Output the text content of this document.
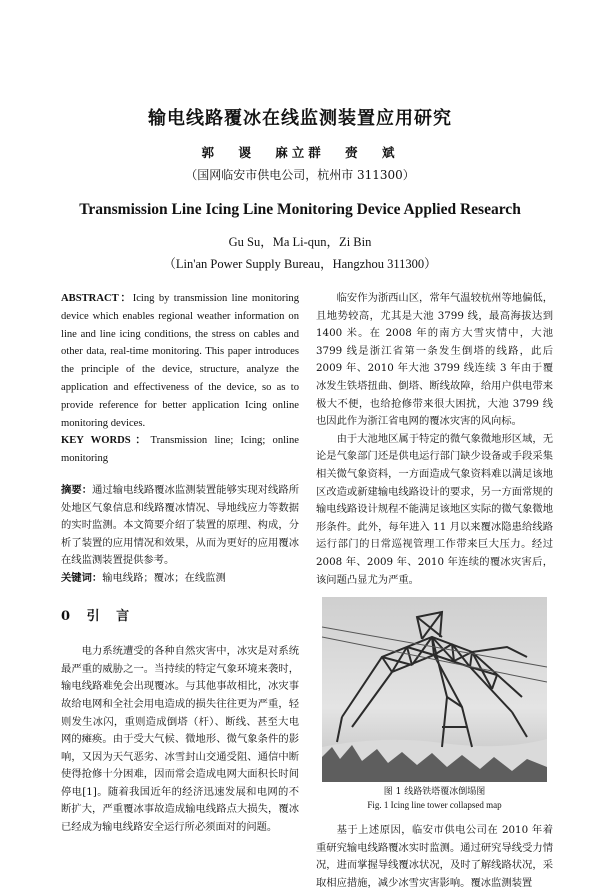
输电线路覆冰在线监测装置应用研究
郭 谡 麻立群 赍 斌
（国网临安市供电公司，杭州市 311300）
Transmission Line Icing Line Monitoring Device Applied Research
Gu Su，Ma Li-qun，Zi Bin
（Lin'an Power Supply Bureau，Hangzhou 311300）

ABSTRACT：Icing by transmission line monitoring device which enables regional weather information on line and line icing conditions, the stress on cables and other data, real-time monitoring. This paper introduces the principle of the device, structure, analyze the application and effectiveness of the device, so as to provide reference for better application Icing online monitoring devices.

KEY WORDS：Transmission line; Icing; online monitoring

摘要：通过输电线路覆冰监测装置能够实现对线路所处地区气象信息和线路覆冰情况、导地线应力等数据的实时监测。本文简要介绍了装置的原理、构成，分析了装置的应用情况和效果，从而为更好的应用覆冰在线监测装置提供参考。

关键词：输电线路；覆冰；在线监测

0 引 言

电力系统遭受的各种自然灾害中，冰灾是对系统最严重的威胁之一。当持续的特定气象环境来袭时，输电线路难免会出现覆冰。与其他事故相比，冰灾事故给电网和全社会用电造成的损失往往更为严重，轻则发生冰闪，重则造成倒塔（杆）、断线、甚至大电网的瘫痪。由于受大气候、微地形、微气象条件的影响，又因为天气恶劣、冰雪封山交通受阻、通信中断使得抢修十分困难，因而常会造成电网大面积长时间停电[1]。随着我国近年的经济迅速发展和电网的不断扩大，严重覆冰事故造成输电线路点大损失，覆冰已经成为输电线路安全运行所必须面对的问题。

临安作为浙西山区，常年气温较杭州等地偏低，且地势较高，尤其是大池 3799 线，最高海拔达到 1400 米。在 2008 年的南方大雪灾情中，大池 3799 线是浙江省第一条发生倒塔的线路，此后 2009 年、2010 年大池 3799 线连续 3 年由于覆冰发生铁塔扭曲、倒塔、断线故障，给用户供电带来极大不便，也给抢修带来很大困扰，大池 3799 线也因此作为浙江省电网的覆冰灾害的风向标。

由于大池地区属于特定的微气象微地形区域，无论是气象部门还是供电运行部门缺少设备或手段采集相关微气象资料，一方面造成气象资料难以满足该地区改造或新建输电线路设计的要求，另一方面常规的输电线路设计规程不能满足该地区实际的微气象微地形条件。此外，每年进入 11 月以来覆冰隐患给线路运行部门的日常巡视管理工作带来巨大压力。经过 2008 年、2009 年、2010 年连续的覆冰灾害后，该问题凸显尤为严重。

图 1 线路铁塔覆冰倒塌图
Fig. 1 Icing line tower collapsed map

基于上述原因，临安市供电公司在 2010 年着重研究输电线路覆冰实时监测。通过研究导线受力情况，进而掌握导线覆冰状况，及时了解线路状况，采取相应措施，减少冰雪灾害影响。覆冰监测装置
